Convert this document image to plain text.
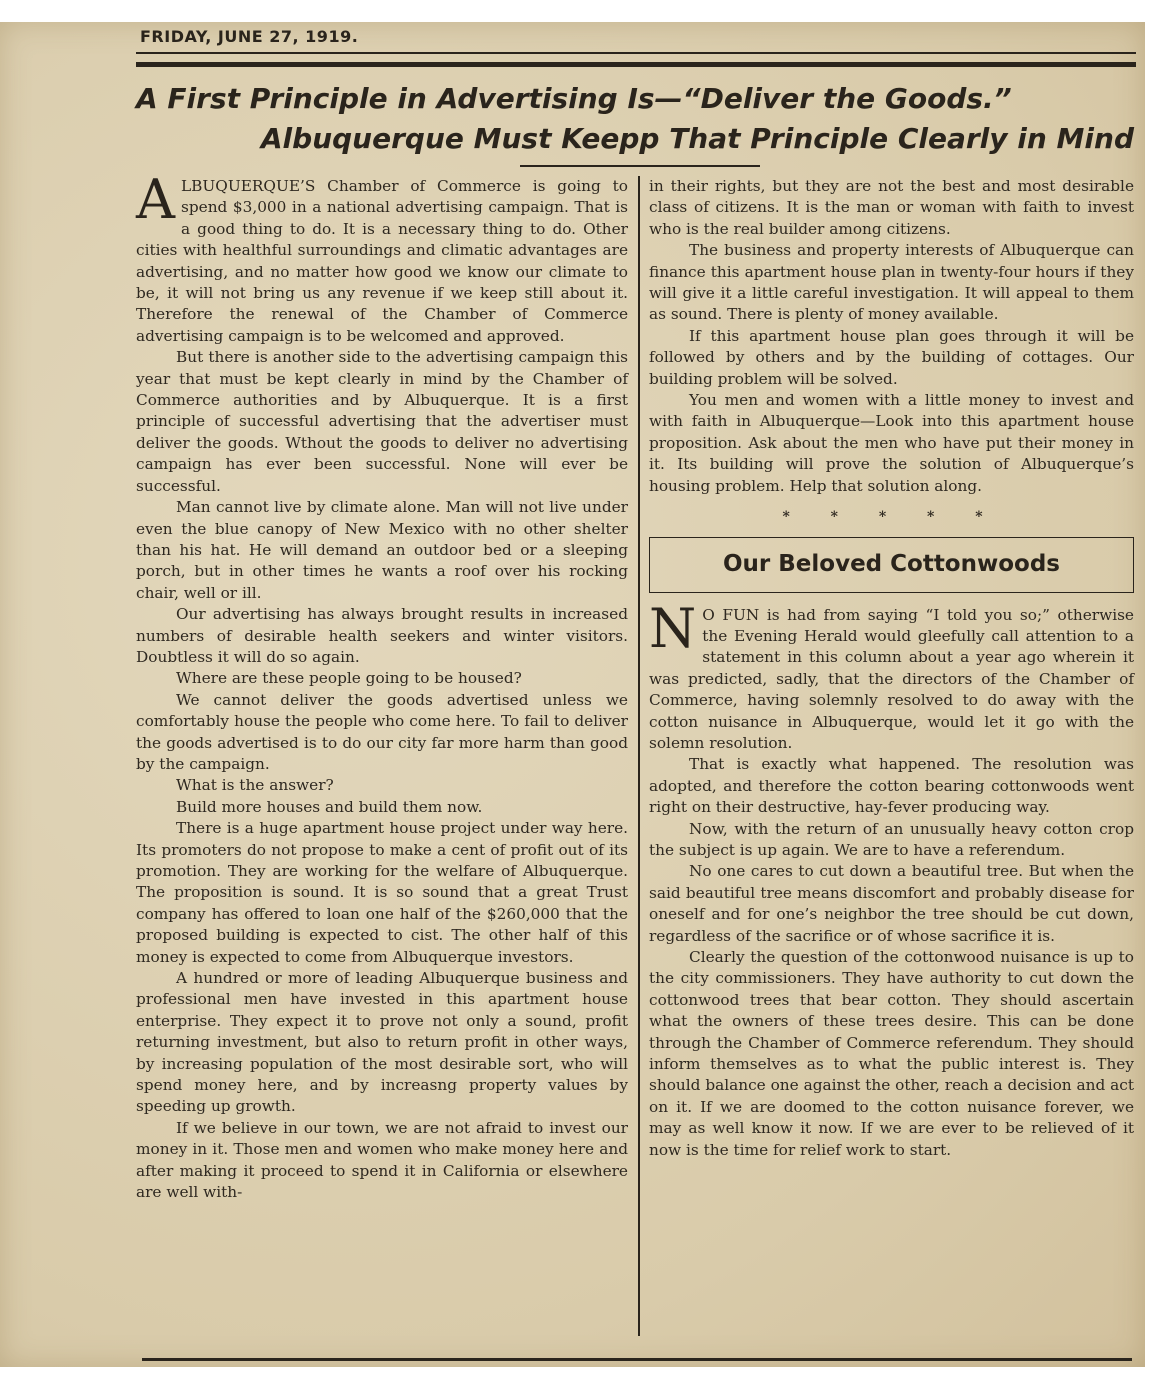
FRIDAY, JUNE 27, 1919.
A First Principle in Advertising Is—“Deliver the Goods.”
Albuquerque Must Keepp That Principle Clearly in Mind

ALBUQUERQUE’S Chamber of Commerce is going to spend $3,000 in a national advertising campaign. That is a good thing to do. It is a necessary thing to do. Other cities with healthful surroundings and climatic advantages are advertising, and no matter how good we know our climate to be, it will not bring us any revenue if we keep still about it. Therefore the renewal of the Chamber of Commerce advertising campaign is to be welcomed and approved.

But there is another side to the advertising campaign this year that must be kept clearly in mind by the Chamber of Commerce authorities and by Albuquerque. It is a first principle of successful advertising that the advertiser must deliver the goods. Wthout the goods to deliver no advertising campaign has ever been successful. None will ever be successful.

Man cannot live by climate alone. Man will not live under even the blue canopy of New Mexico with no other shelter than his hat. He will demand an outdoor bed or a sleeping porch, but in other times he wants a roof over his rocking chair, well or ill.

Our advertising has always brought results in increased numbers of desirable health seekers and winter visitors. Doubtless it will do so again.

Where are these people going to be housed?

We cannot deliver the goods advertised unless we comfortably house the people who come here. To fail to deliver the goods advertised is to do our city far more harm than good by the campaign.

What is the answer?

Build more houses and build them now.

There is a huge apartment house project under way here. Its promoters do not propose to make a cent of profit out of its promotion. They are working for the welfare of Albuquerque. The proposition is sound. It is so sound that a great Trust company has offered to loan one half of the $260,000 that the proposed building is expected to cist. The other half of this money is expected to come from Albuquerque investors.

A hundred or more of leading Albuquerque business and professional men have invested in this apartment house enterprise. They expect it to prove not only a sound, profit returning investment, but also to return profit in other ways, by increasing population of the most desirable sort, who will spend money here, and by increasng property values by speeding up growth.

If we believe in our town, we are not afraid to invest our money in it. Those men and women who make money here and after making it proceed to spend it in California or elsewhere are well with-

in their rights, but they are not the best and most desirable class of citizens. It is the man or woman with faith to invest who is the real builder among citizens.

The business and property interests of Albuquerque can finance this apartment house plan in twenty-four hours if they will give it a little careful investigation. It will appeal to them as sound. There is plenty of money available.

If this apartment house plan goes through it will be followed by others and by the building of cottages. Our building problem will be solved.

You men and women with a little money to invest and with faith in Albuquerque—Look into this apartment house proposition. Ask about the men who have put their money in it. Its building will prove the solution of Albuquerque’s housing problem. Help that solution along.

* * * * *
Our Beloved Cottonwoods

N O FUN is had from saying “I told you so;” otherwise the Evening Herald would gleefully call attention to a statement in this column about a year ago wherein it was predicted, sadly, that the directors of the Chamber of Commerce, having solemnly resolved to do away with the cotton nuisance in Albuquerque, would let it go with the solemn resolution.

That is exactly what happened. The resolution was adopted, and therefore the cotton bearing cottonwoods went right on their destructive, hay-fever producing way.

Now, with the return of an unusually heavy cotton crop the subject is up again. We are to have a referendum.

No one cares to cut down a beautiful tree. But when the said beautiful tree means discomfort and probably disease for oneself and for one’s neighbor the tree should be cut down, regardless of the sacrifice or of whose sacrifice it is.

Clearly the question of the cottonwood nuisance is up to the city commissioners. They have authority to cut down the cottonwood trees that bear cotton. They should ascertain what the owners of these trees desire. This can be done through the Chamber of Commerce referendum. They should inform themselves as to what the public interest is. They should balance one against the other, reach a decision and act on it. If we are doomed to the cotton nuisance forever, we may as well know it now. If we are ever to be relieved of it now is the time for relief work to start.
